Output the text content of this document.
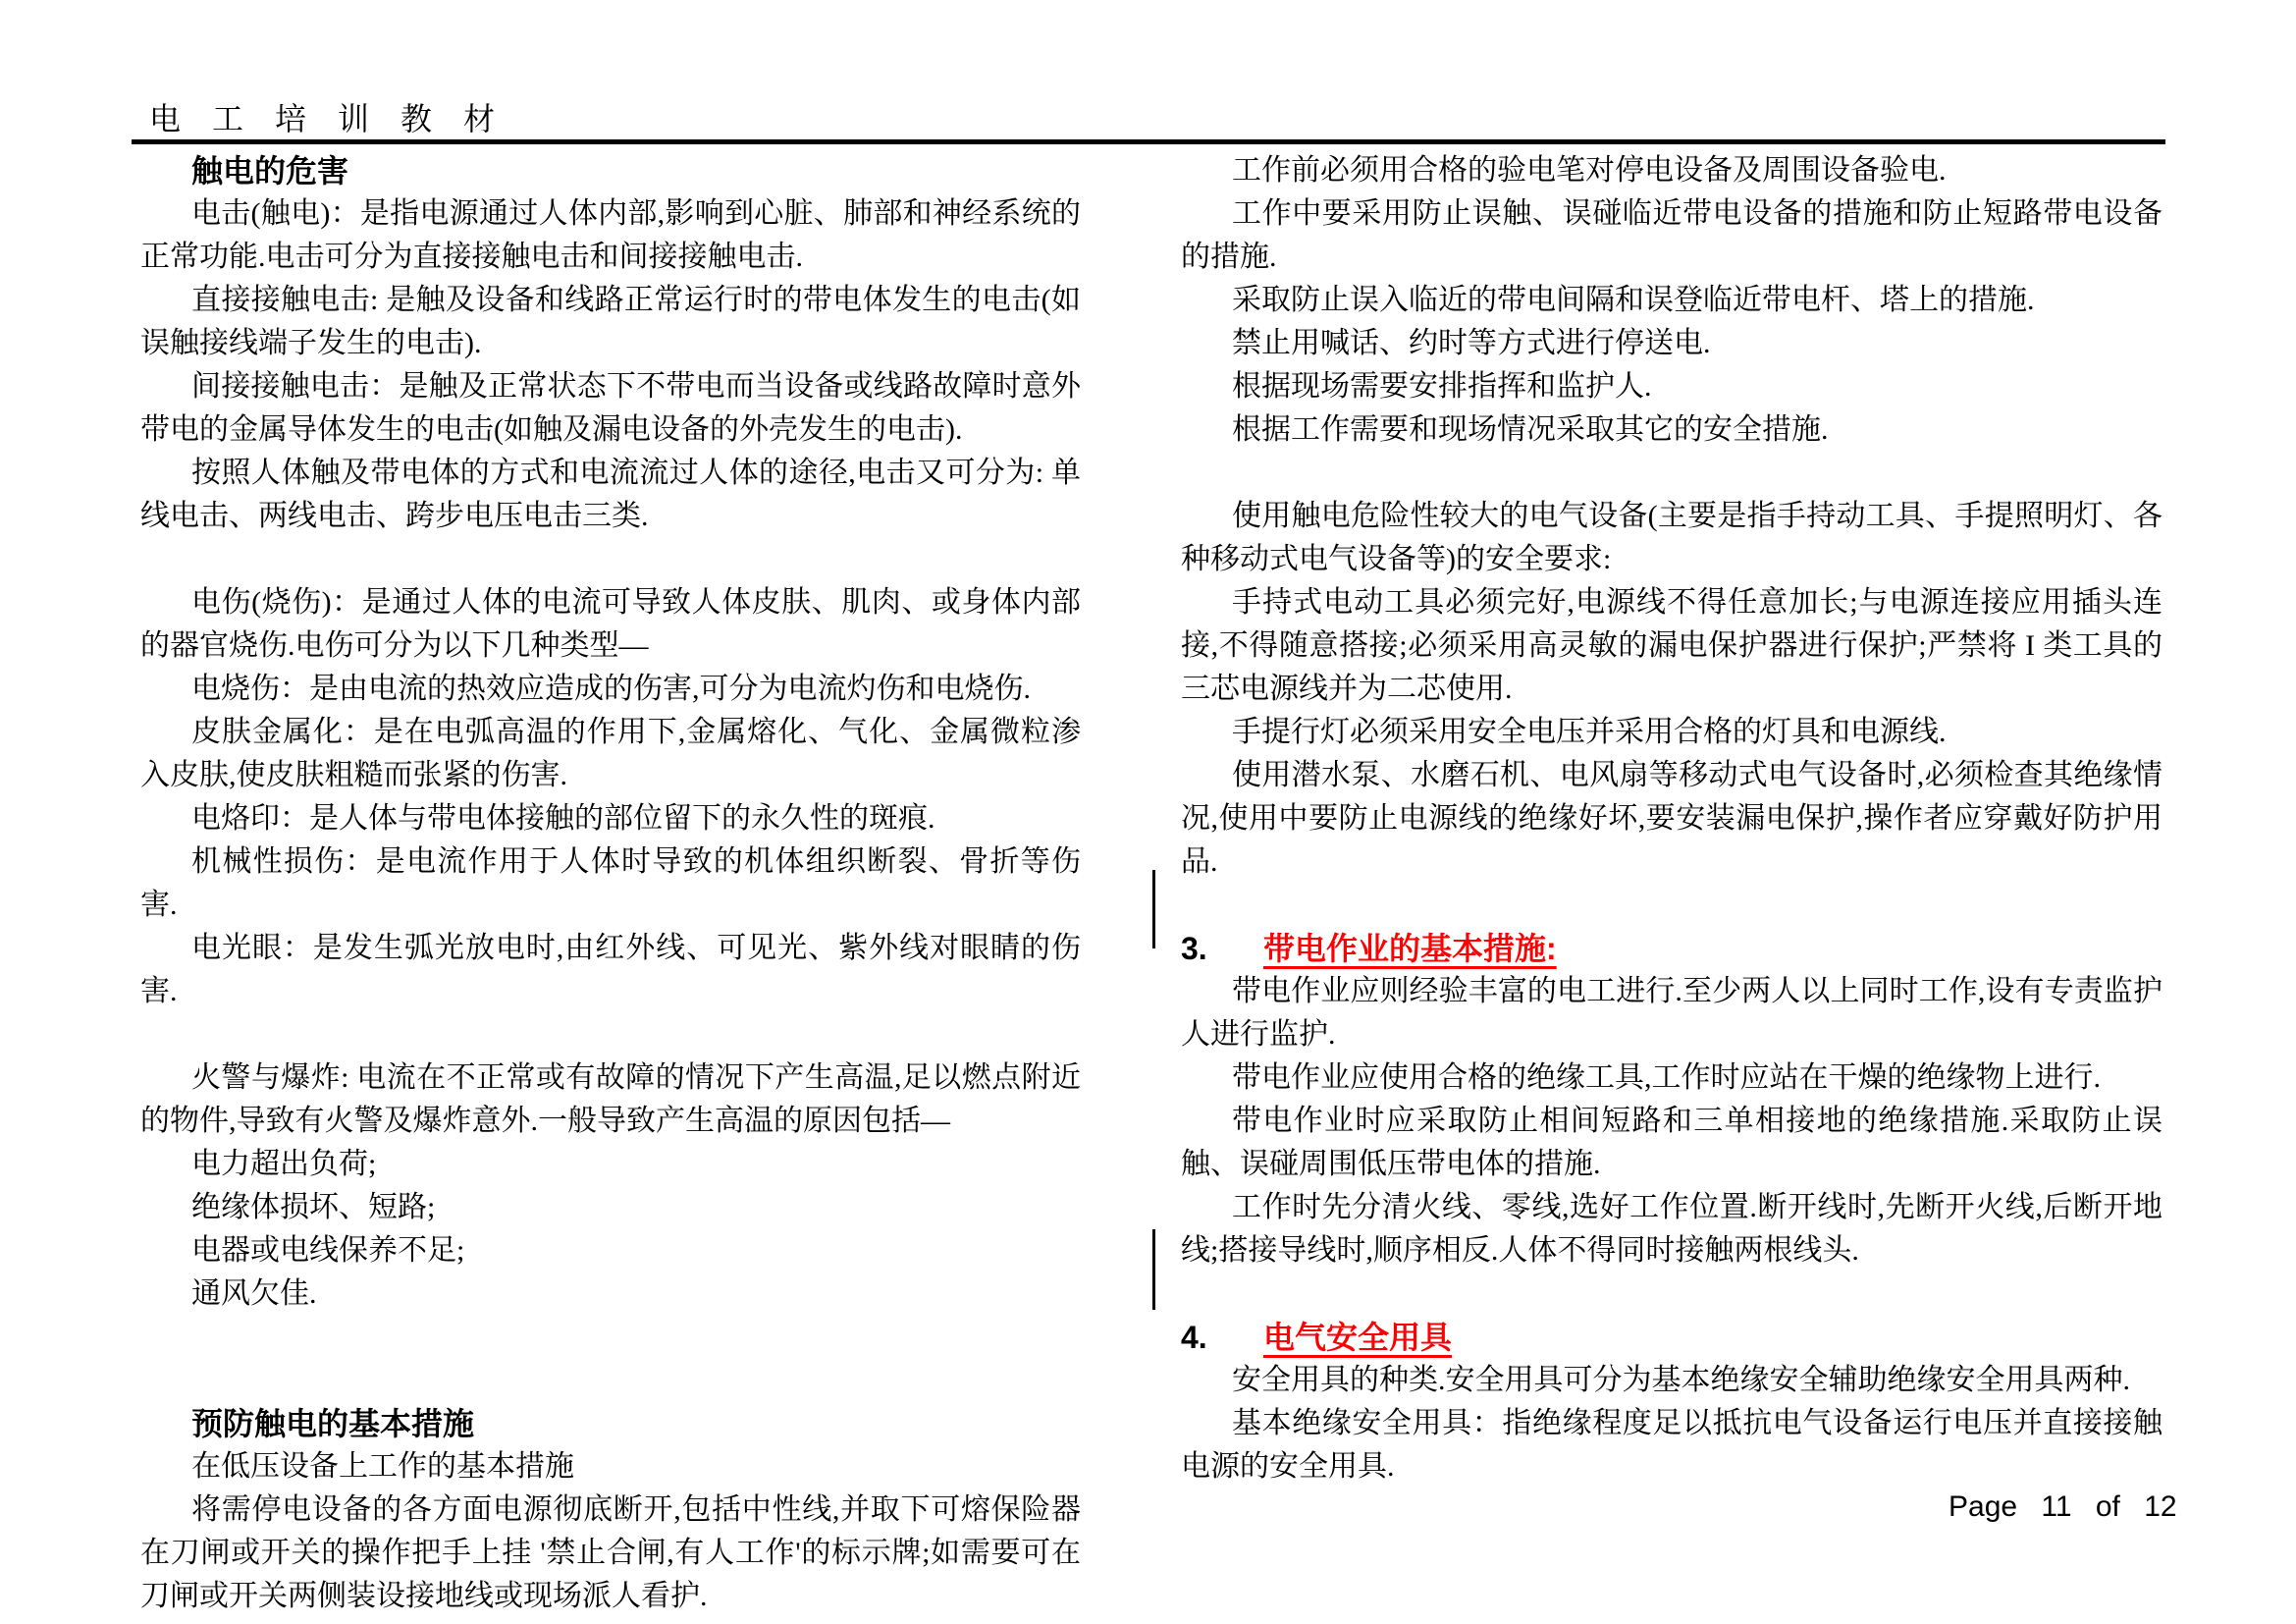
电 工 培 训 教 材
触电的危害

电击(触电)：是指电源通过人体内部,影响到心脏、肺部和神经系统的正常功能.电击可分为直接接触电击和间接接触电击.

直接接触电击: 是触及设备和线路正常运行时的带电体发生的电击(如误触接线端子发生的电击).

间接接触电击：是触及正常状态下不带电而当设备或线路故障时意外带电的金属导体发生的电击(如触及漏电设备的外壳发生的电击).

按照人体触及带电体的方式和电流流过人体的途径,电击又可分为: 单线电击、两线电击、跨步电压电击三类.

电伤(烧伤)：是通过人体的电流可导致人体皮肤、肌肉、或身体内部的器官烧伤.电伤可分为以下几种类型—

电烧伤：是由电流的热效应造成的伤害,可分为电流灼伤和电烧伤.

皮肤金属化：是在电弧高温的作用下,金属熔化、气化、金属微粒渗入皮肤,使皮肤粗糙而张紧的伤害.

电烙印：是人体与带电体接触的部位留下的永久性的斑痕.

机械性损伤：是电流作用于人体时导致的机体组织断裂、骨折等伤害.

电光眼：是发生弧光放电时,由红外线、可见光、紫外线对眼睛的伤害.

火警与爆炸: 电流在不正常或有故障的情况下产生高温,足以燃点附近的物件,导致有火警及爆炸意外.一般导致产生高温的原因包括—

电力超出负荷;

绝缘体损坏、短路;

电器或电线保养不足;

通风欠佳.

预防触电的基本措施

在低压设备上工作的基本措施

将需停电设备的各方面电源彻底断开,包括中性线,并取下可熔保险器在刀闸或开关的操作把手上挂 '禁止合闸,有人工作'的标示牌;如需要可在刀闸或开关两侧装设接地线或现场派人看护.

工作前必须用合格的验电笔对停电设备及周围设备验电.

工作中要采用防止误触、误碰临近带电设备的措施和防止短路带电设备的措施.

采取防止误入临近的带电间隔和误登临近带电杆、塔上的措施.

禁止用喊话、约时等方式进行停送电.

根据现场需要安排指挥和监护人.

根据工作需要和现场情况采取其它的安全措施.

使用触电危险性较大的电气设备(主要是指手持动工具、手提照明灯、各种移动式电气设备等)的安全要求:

手持式电动工具必须完好,电源线不得任意加长;与电源连接应用插头连接,不得随意搭接;必须采用高灵敏的漏电保护器进行保护;严禁将 I 类工具的三芯电源线并为二芯使用.

手提行灯必须采用安全电压并采用合格的灯具和电源线.

使用潜水泵、水磨石机、电风扇等移动式电气设备时,必须检查其绝缘情况,使用中要防止电源线的绝缘好坏,要安装漏电保护,操作者应穿戴好防护用品.

3. 带电作业的基本措施:

带电作业应则经验丰富的电工进行.至少两人以上同时工作,设有专责监护人进行监护.

带电作业应使用合格的绝缘工具,工作时应站在干燥的绝缘物上进行.

带电作业时应采取防止相间短路和三单相接地的绝缘措施.采取防止误触、误碰周围低压带电体的措施.

工作时先分清火线、零线,选好工作位置.断开线时,先断开火线,后断开地线;搭接导线时,顺序相反.人体不得同时接触两根线头.

4. 电气安全用具

安全用具的种类.安全用具可分为基本绝缘安全辅助绝缘安全用具两种.

基本绝缘安全用具：指绝缘程度足以抵抗电气设备运行电压并直接接触电源的安全用具.

Page 11 of 12
